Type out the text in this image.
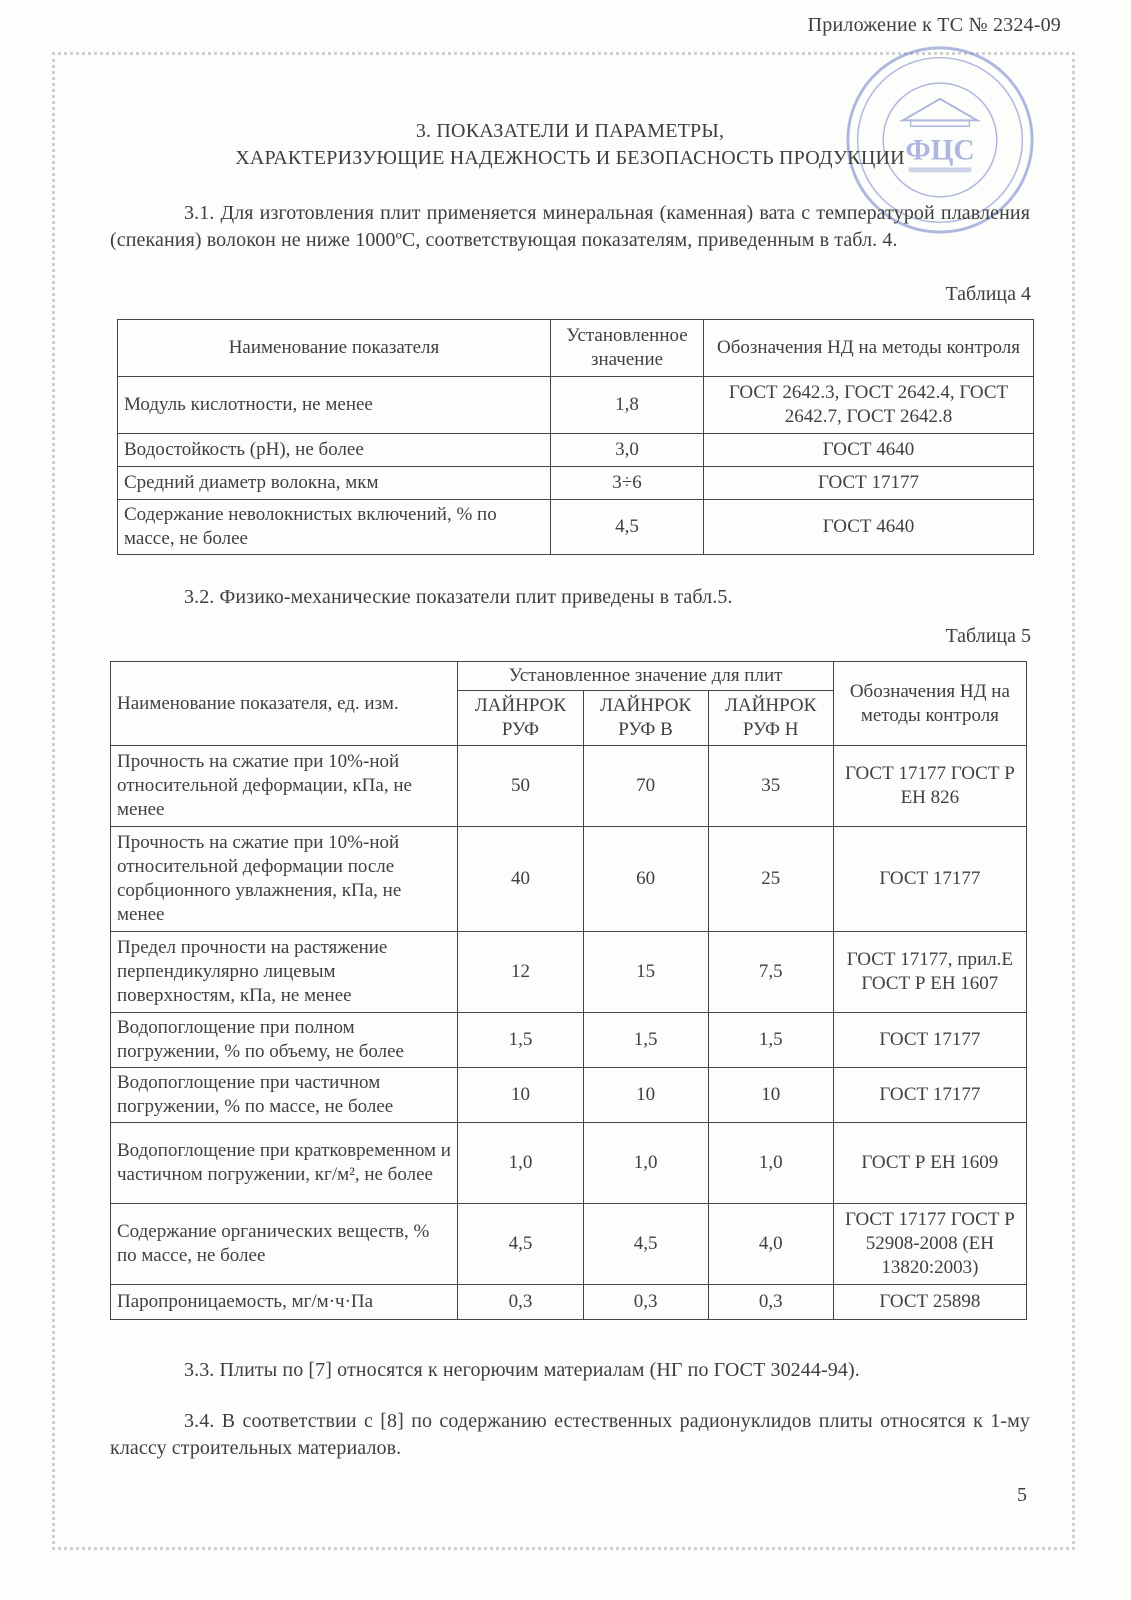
Приложение к ТС № 2324-09
ФЦС
3. ПОКАЗАТЕЛИ И ПАРАМЕТРЫ,
ХАРАКТЕРИЗУЮЩИЕ НАДЕЖНОСТЬ И БЕЗОПАСНОСТЬ ПРОДУКЦИИ
3.1. Для изготовления плит применяется минеральная (каменная) вата с температурой плавления (спекания) волокон не ниже 1000ºС, соответствующая показателям, приведенным в табл. 4.
Таблица 4
Наименование показателя	Установленное значение	Обозначения НД на методы контроля
Модуль кислотности, не менее	1,8	ГОСТ 2642.3, ГОСТ 2642.4, ГОСТ 2642.7, ГОСТ 2642.8
Водостойкость (рН), не более	3,0	ГОСТ 4640
Средний диаметр волокна, мкм	3÷6	ГОСТ 17177
Содержание неволокнистых включений, % по массе, не более	4,5	ГОСТ 4640
3.2. Физико-механические показатели плит приведены в табл.5.
Таблица 5
Наименование показателя, ед. изм.	Установленное значение для плит			Обозначения НД на методы контроля
	ЛАЙНРОК РУФ	ЛАЙНРОК РУФ В	ЛАЙНРОК РУФ Н	
Прочность на сжатие при 10%-ной относительной деформации, кПа, не менее	50	70	35	ГОСТ 17177 ГОСТ Р ЕН 826
Прочность на сжатие при 10%-ной относительной деформации после сорбционного увлажнения, кПа, не менее	40	60	25	ГОСТ 17177
Предел прочности на растяжение перпендикулярно лицевым поверхностям, кПа, не менее	12	15	7,5	ГОСТ 17177, прил.Е ГОСТ Р ЕН 1607
Водопоглощение при полном погружении, % по объему, не более	1,5	1,5	1,5	ГОСТ 17177
Водопоглощение при частичном погружении, % по массе, не более	10	10	10	ГОСТ 17177
Водопоглощение при кратковременном и частичном погружении, кг/м², не более	1,0	1,0	1,0	ГОСТ Р ЕН 1609
Содержание органических веществ, % по массе, не более	4,5	4,5	4,0	ГОСТ 17177 ГОСТ Р 52908-2008 (ЕН 13820:2003)
Паропроницаемость, мг/м·ч·Па	0,3	0,3	0,3	ГОСТ 25898
3.3. Плиты по [7] относятся к негорючим материалам (НГ по ГОСТ 30244-94).
3.4. В соответствии с [8] по содержанию естественных радионуклидов плиты относятся к 1-му классу строительных материалов.
5
